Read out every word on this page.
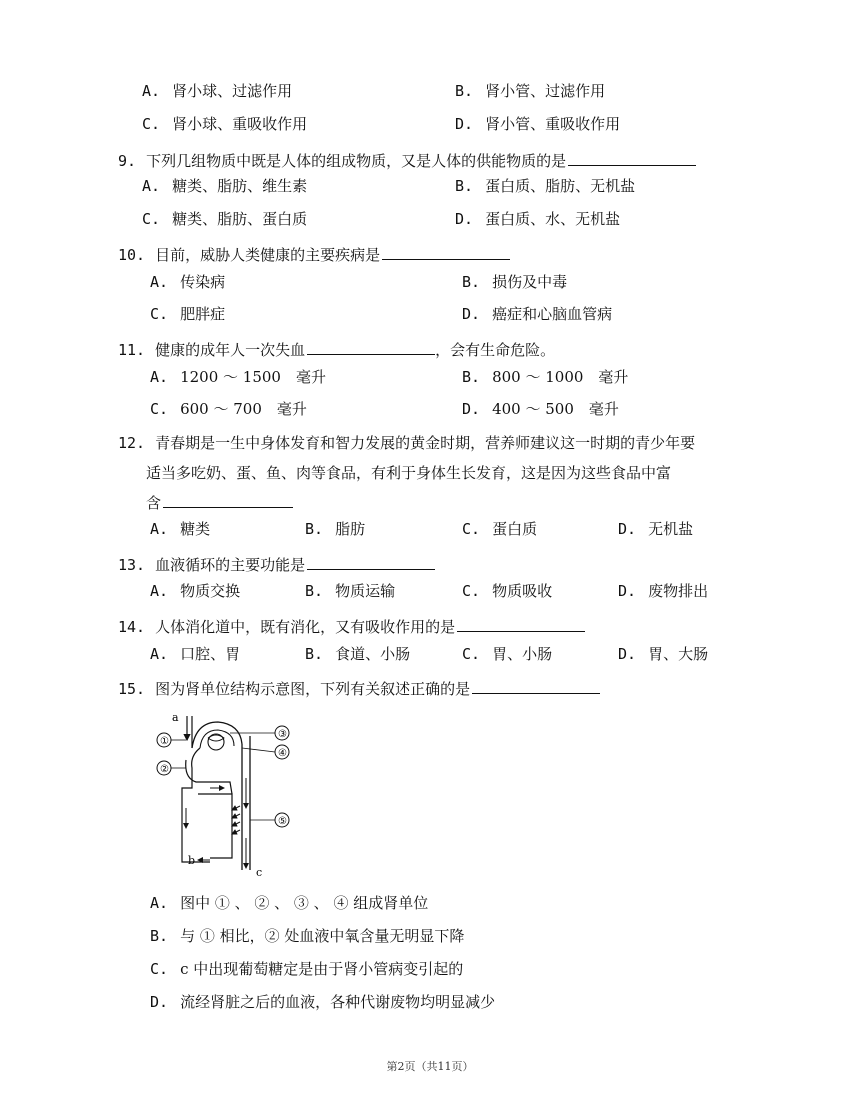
A. 肾小球、过滤作用	B. 肾小管、过滤作用
C. 肾小球、重吸收作用	D. 肾小管、重吸收作用
9. 下列几组物质中既是人体的组成物质，又是人体的供能物质的是
A. 糖类、脂肪、维生素	B. 蛋白质、脂肪、无机盐
C. 糖类、脂肪、蛋白质	D. 蛋白质、水、无机盐
10. 目前，威胁人类健康的主要疾病是
A. 传染病	B. 损伤及中毒
C. 肥胖症	D. 癌症和心脑血管病
11. 健康的成年人一次失血	，会有生命危险。
A. 1200 ～ 1500　毫升	B. 800 ～ 1000　毫升
C. 600 ～ 700　毫升	D. 400 ～ 500　毫升
12. 青春期是一生中身体发育和智力发展的黄金时期，营养师建议这一时期的青少年要
适当多吃奶、蛋、鱼、肉等食品，有利于身体生长发育，这是因为这些食品中富
含
A. 糖类	B. 脂肪	C. 蛋白质	D. 无机盐
13. 血液循环的主要功能是
A. 物质交换	B. 物质运输	C. 物质吸收	D. 废物排出
14. 人体消化道中，既有消化，又有吸收作用的是
A. 口腔、胃	B. 食道、小肠	C. 胃、小肠	D. 胃、大肠
15. 图为肾单位结构示意图，下列有关叙述正确的是
a
①
②
③
④
c
⑤
b
A. 图中 ① 、 ② 、 ③ 、 ④ 组成肾单位
B. 与 ① 相比，② 处血液中氧含量无明显下降
C. c 中出现葡萄糖定是由于肾小管病变引起的
D. 流经肾脏之后的血液，各种代谢废物均明显减少
第2页（共11页）
